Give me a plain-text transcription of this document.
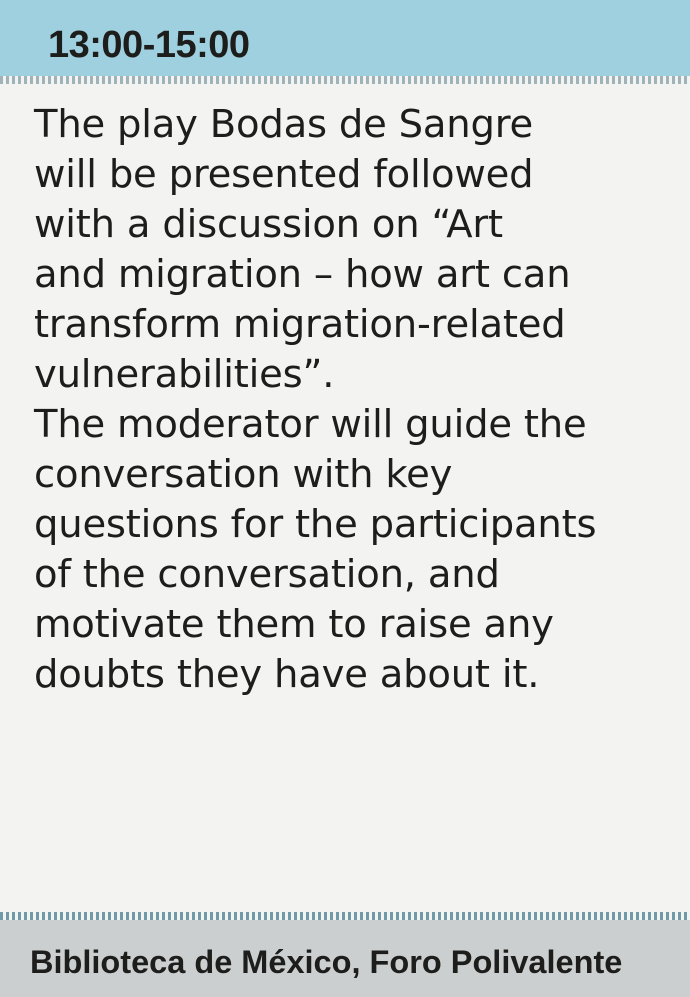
13:00-15:00
The play Bodas de Sangre
will be presented followed
with a discussion on “Art
and migration – how art can
transform migration-related
vulnerabilities”.
The moderator will guide the
conversation with key
questions for the participants
of the conversation, and
motivate them to raise any
doubts they have about it.
Biblioteca de México, Foro Polivalente
